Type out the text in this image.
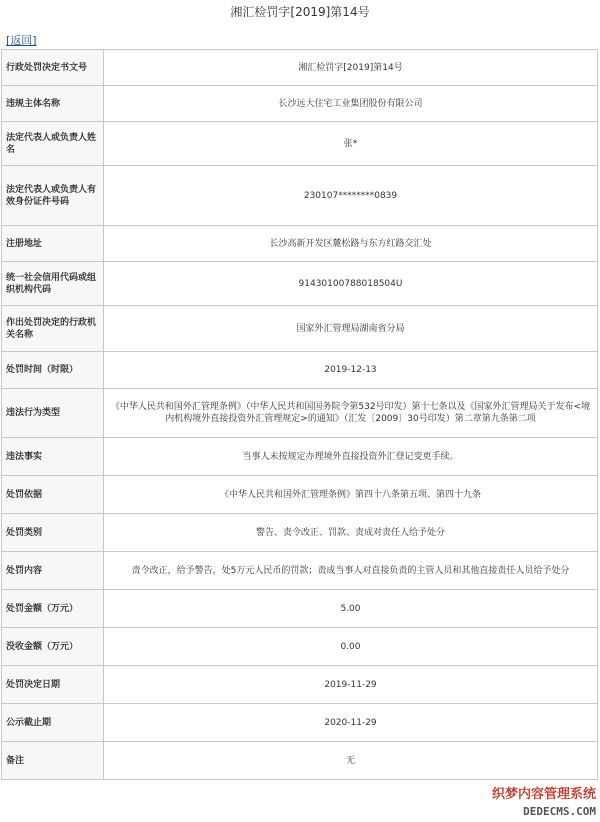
湘汇检罚字[2019]第14号
[返回]
行政处罚决定书文号	湘汇检罚字[2019]第14号
违规主体名称	长沙远大住宅工业集团股份有限公司
法定代表人或负责人姓名	张*
法定代表人或负责人有效身份证件号码	230107********0839
注册地址	长沙高新开发区麓松路与东方红路交汇处
统一社会信用代码或组织机构代码	91430100788018504U
作出处罚决定的行政机关名称	国家外汇管理局湖南省分局
处罚时间（时限）	2019-12-13
违法行为类型	《中华人民共和国外汇管理条例》（中华人民共和国国务院令第532号印发）第十七条以及《国家外汇管理局关于发布<境内机构境外直接投资外汇管理规定>的通知》（汇发〔2009〕30号印发）第二章第九条第二项
违法事实	当事人未按规定办理境外直接投资外汇登记变更手续。
处罚依据	《中华人民共和国外汇管理条例》第四十八条第五项、第四十九条
处罚类别	警告、责令改正、罚款、责成对责任人给予处分
处罚内容	责令改正，给予警告，处5万元人民币的罚款；责成当事人对直接负责的主管人员和其他直接责任人员给予处分
处罚金额（万元）	5.00
没收金额（万元）	0.00
处罚决定日期	2019-11-29
公示截止期	2020-11-29
备注	无
织梦内容管理系统
DEDECMS.COM
